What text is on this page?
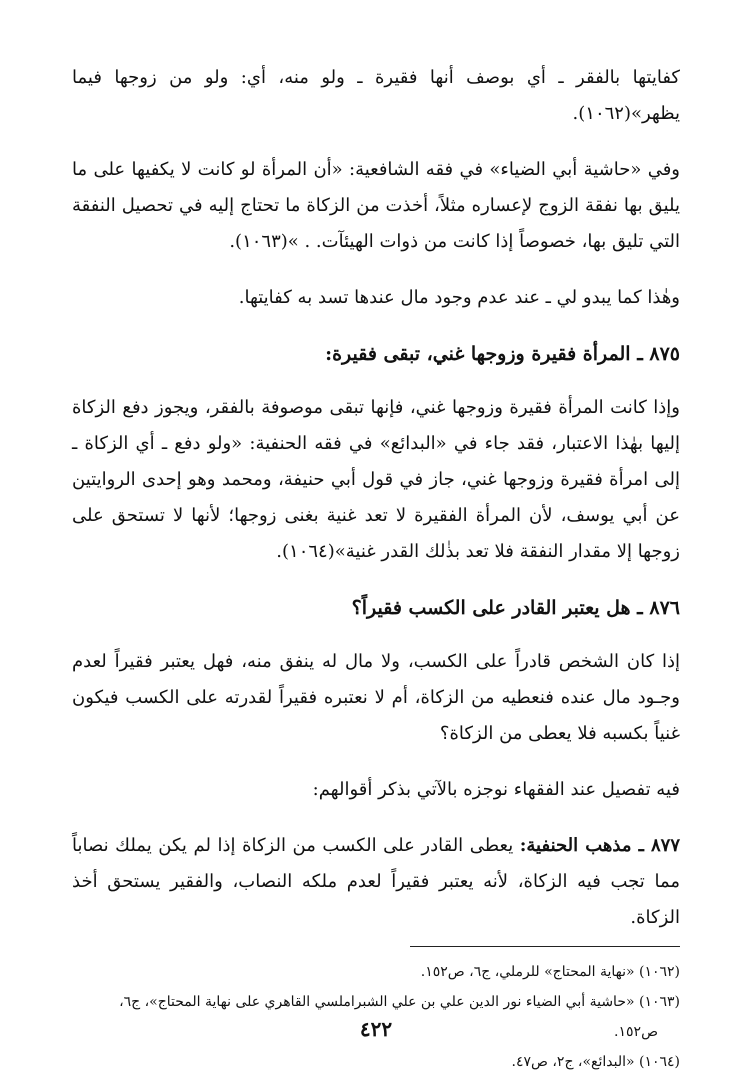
كفايتها بالفقر ـ أي بوصف أنها فقيرة ـ ولو منه، أي: ولو من زوجها فيما يظهر»(١٠٦٢).

وفي «حاشية أبي الضياء» في فقه الشافعية: «أن المرأة لو كانت لا يكفيها على ما يليق بها نفقة الزوج لإعساره مثلاً، أخذت من الزكاة ما تحتاج إليه في تحصيل النفقة التي تليق بها، خصوصاً إذا كانت من ذوات الهيئآت. . »(١٠٦٣).

وهٰذا كما يبدو لي ـ عند عدم وجود مال عندها تسد به كفايتها.

٨٧٥ ـ المرأة فقيرة وزوجها غني، تبقى فقيرة:

وإذا كانت المرأة فقيرة وزوجها غني، فإنها تبقى موصوفة بالفقر، ويجوز دفع الزكاة إليها بهٰذا الاعتبار، فقد جاء في «البدائع» في فقه الحنفية: «ولو دفع ـ أي الزكاة ـ إلى امرأة فقيرة وزوجها غني، جاز في قول أبي حنيفة، ومحمد وهو إحدى الروايتين عن أبي يوسف، لأن المرأة الفقيرة لا تعد غنية بغنى زوجها؛ لأنها لا تستحق على زوجها إلا مقدار النفقة فلا تعد بذٰلك القدر غنية»(١٠٦٤).

٨٧٦ ـ هل يعتبر القادر على الكسب فقيراً؟

إذا كان الشخص قادراً على الكسب، ولا مال له ينفق منه، فهل يعتبر فقيراً لعدم وجـود مال عنده فنعطيه من الزكاة، أم لا نعتبره فقيراً لقدرته على الكسب فيكون غنياً بكسبه فلا يعطى من الزكاة؟

فيه تفصيل عند الفقهاء نوجزه بالآتي بذكر أقوالهم:

٨٧٧ ـ مذهب الحنفية: يعطى القادر على الكسب من الزكاة إذا لم يكن يملك نصاباً مما تجب فيه الزكاة، لأنه يعتبر فقيراً لعدم ملكه النصاب، والفقير يستحق أخذ الزكاة.

(١٠٦٢) «نهاية المحتاج» للرملي، ج٦، ص١٥٢.

(١٠٦٣) «حاشية أبي الضياء نور الدين علي بن علي الشبراملسي القاهري على نهاية المحتاج»، ج٦،

ص١٥٢.

(١٠٦٤) «البدائع»، ج٢، ص٤٧.

٤٢٢
